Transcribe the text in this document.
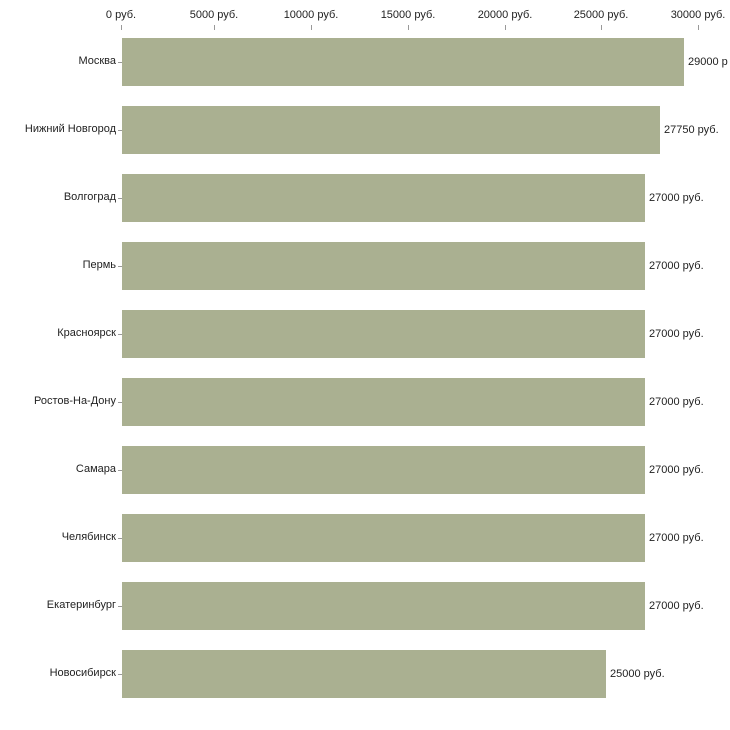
0 руб.	5000 руб.	10000 руб.	15000 руб.	20000 руб.	25000 руб.	30000 руб.
Москва	29000 р
Нижний Новгород	27750 руб.
Волгоград	27000 руб.
Пермь	27000 руб.
Красноярск	27000 руб.
Ростов-На-Дону	27000 руб.
Самара	27000 руб.
Челябинск	27000 руб.
Екатеринбург	27000 руб.
Новосибирск	25000 руб.
